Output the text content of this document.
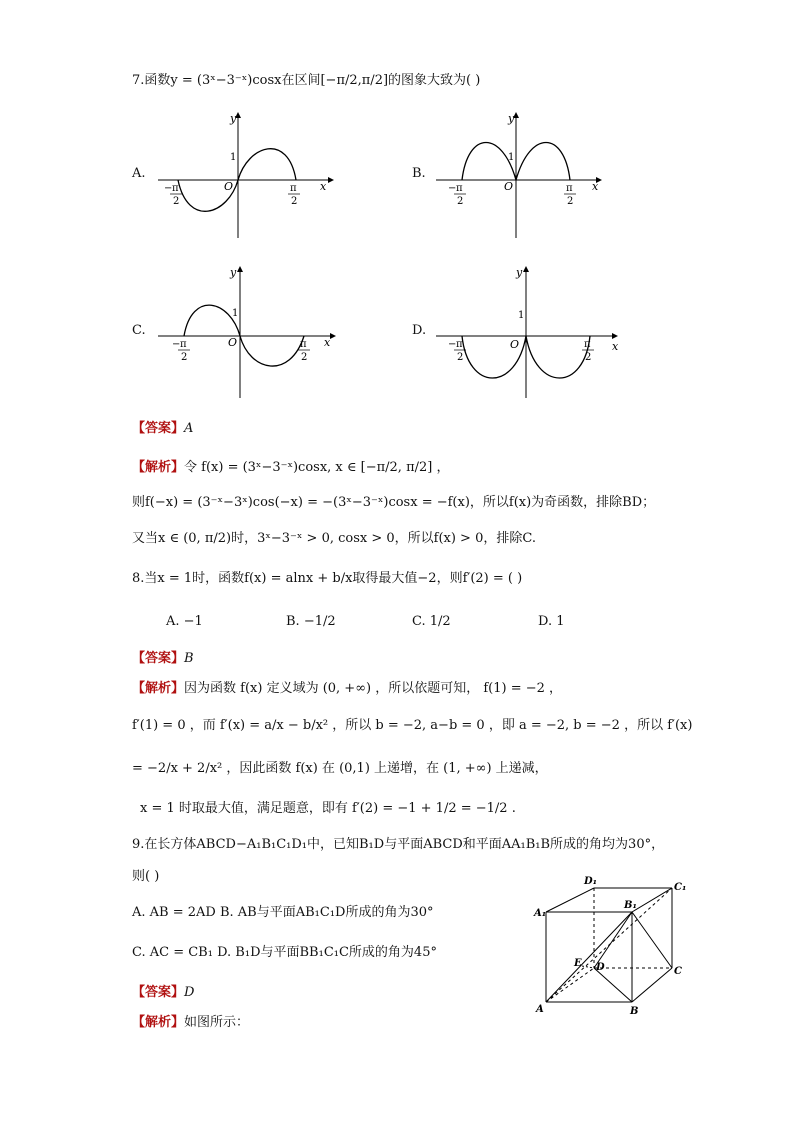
7.函数y = (3ˣ−3⁻ˣ)cosx在区间[−π/2,π/2]的图象大致为( )
A.
y
x
O
1
− π
2
π
2
B.
y
x
O
1
− π
2
π
2
C.
y
x
O
1
− π
2
π
2
D.
y
x
O
1
− π
2
π
2
【答案】A
【解析】令 f(x) = (3ˣ−3⁻ˣ)cosx, x ∈ [−π/2, π/2] ，
则f(−x) = (3⁻ˣ−3ˣ)cos(−x) = −(3ˣ−3⁻ˣ)cosx = −f(x)，所以f(x)为奇函数，排除BD；
又当x ∈ (0, π/2)时，3ˣ−3⁻ˣ > 0, cosx > 0，所以f(x) > 0，排除C.
8.当x = 1时，函数f(x) = alnx + b/x取得最大值−2，则f′(2) = ( )
A. −1	B. −1/2	C. 1/2	D. 1
【答案】B
【解析】因为函数 f(x) 定义域为 (0, +∞) ，所以依题可知， f(1) = −2 ，
f′(1) = 0 ，而 f′(x) = a/x − b/x² ，所以 b = −2, a−b = 0 ，即 a = −2, b = −2 ，所以 f′(x)
= −2/x + 2/x² ，因此函数 f(x) 在 (0,1) 上递增，在 (1, +∞) 上递减，
x = 1 时取最大值，满足题意，即有 f′(2) = −1 + 1/2 = −1/2 .
9.在长方体ABCD−A₁B₁C₁D₁中，已知B₁D与平面ABCD和平面AA₁B₁B所成的角均为30°，
则( )
A. AB = 2AD B. AB与平面AB₁C₁D所成的角为30°
C. AC = CB₁ D. B₁D与平面BB₁C₁C所成的角为45°
【答案】D
【解析】如图所示：
D₁
C₁
A₁
B₁
E D	C
A	B
